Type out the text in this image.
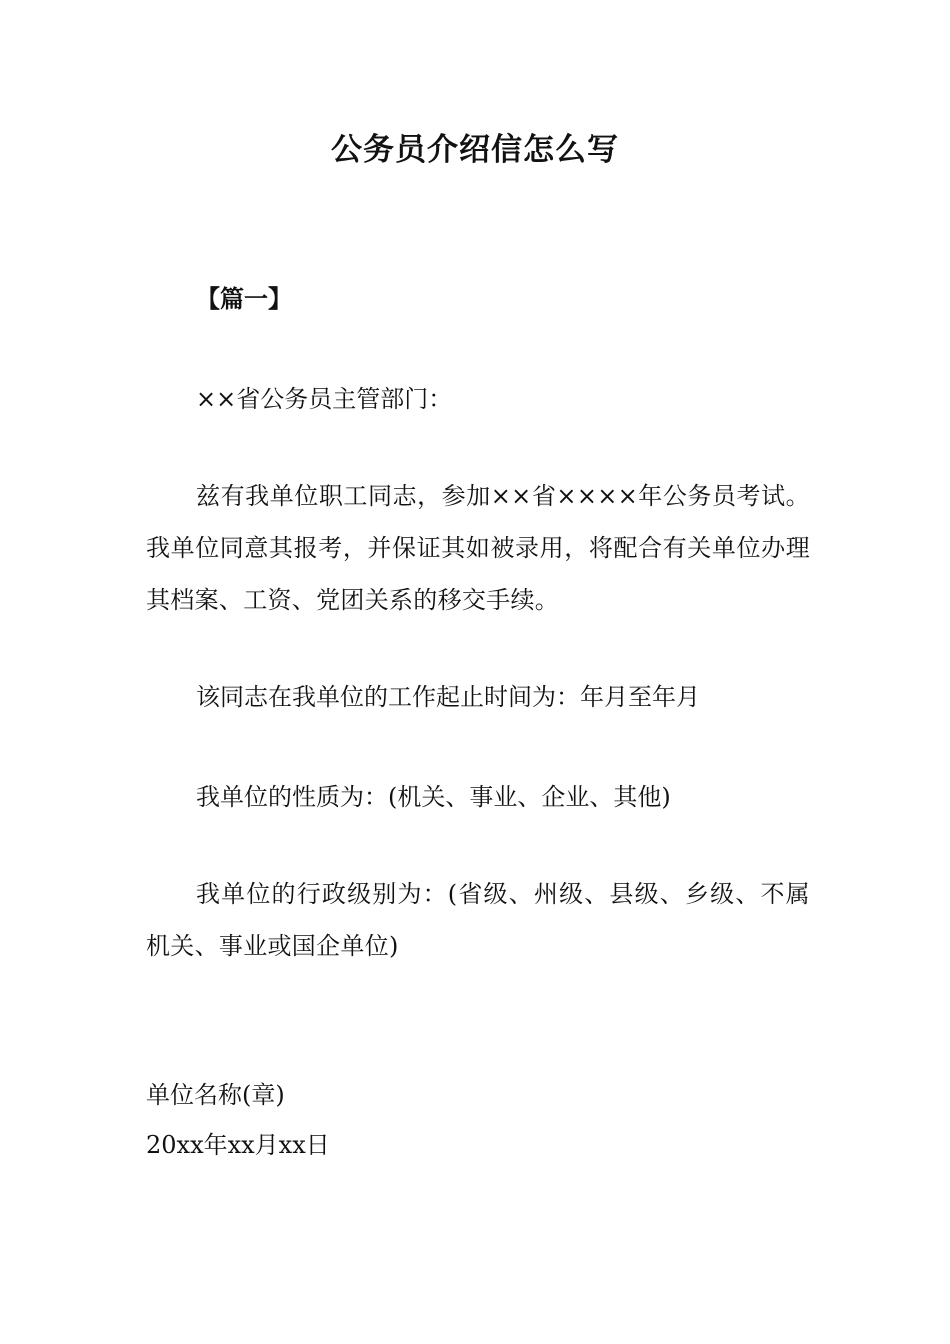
公务员介绍信怎么写
【篇一】
××省公务员主管部门：
兹有我单位职工同志，参加××省××××年公务员考试。我单位同意其报考，并保证其如被录用，将配合有关单位办理其档案、工资、党团关系的移交手续。
该同志在我单位的工作起止时间为：年月至年月
我单位的性质为：(机关、事业、企业、其他)
我单位的行政级别为：(省级、州级、县级、乡级、不属机关、事业或国企单位)
单位名称(章)
20xx年xx月xx日
